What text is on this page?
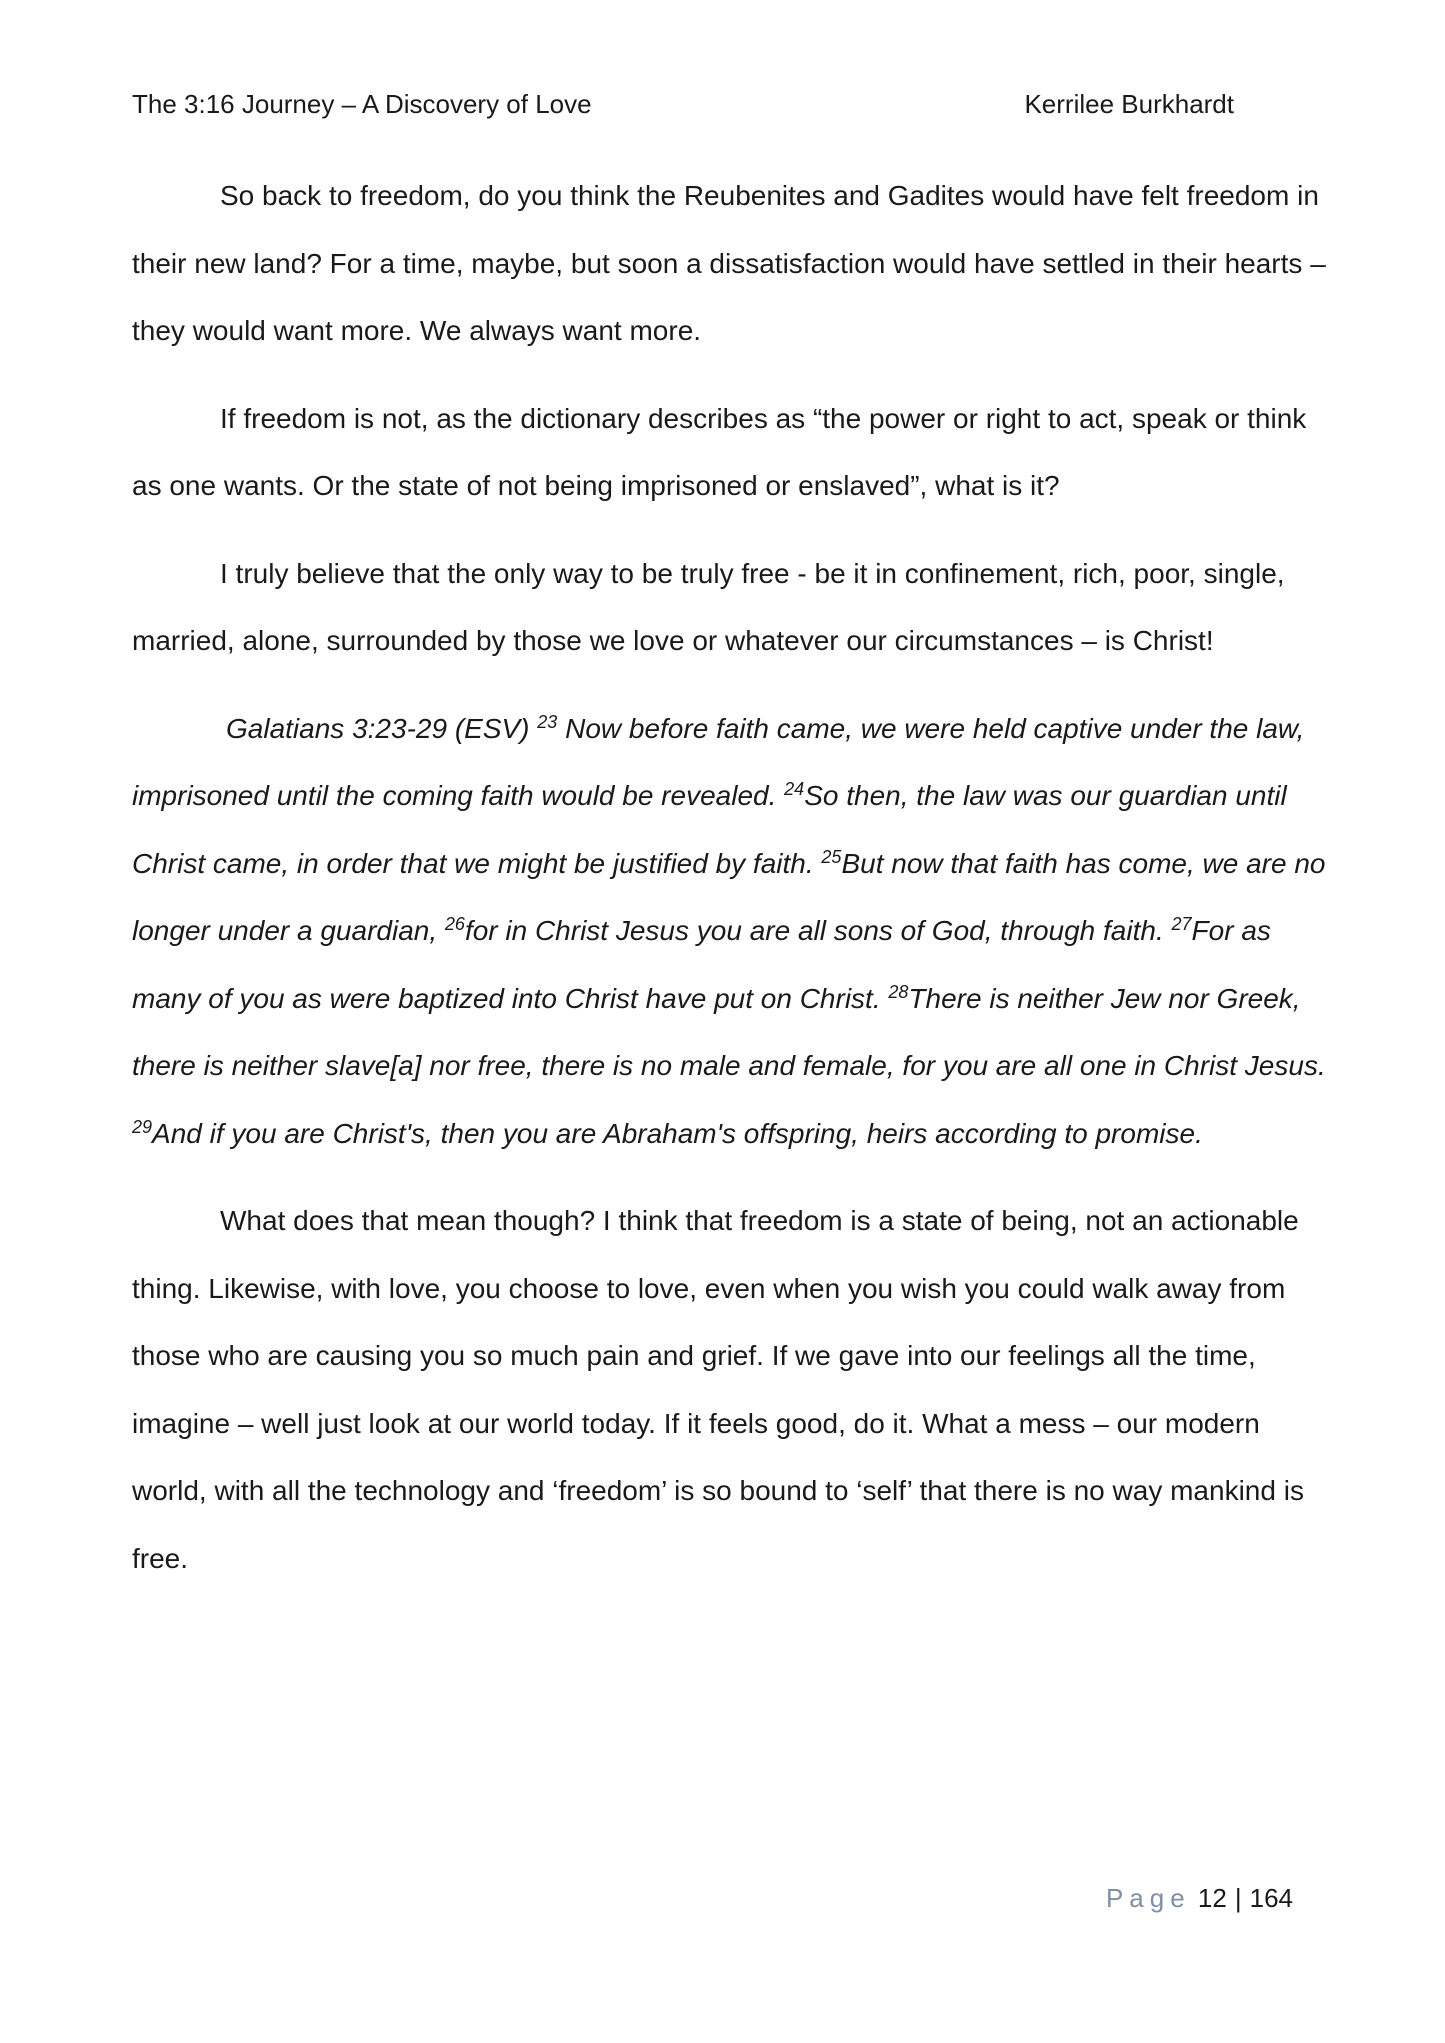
The 3:16 Journey – A Discovery of Love	Kerrilee Burkhardt

So back to freedom, do you think the Reubenites and Gadites would have felt freedom in their new land? For a time, maybe, but soon a dissatisfaction would have settled in their hearts – they would want more. We always want more.

If freedom is not, as the dictionary describes as “the power or right to act, speak or think as one wants. Or the state of not being imprisoned or enslaved”, what is it?

I truly believe that the only way to be truly free - be it in confinement, rich, poor, single, married, alone, surrounded by those we love or whatever our circumstances – is Christ!

Galatians 3:23-29 (ESV) $^{23}$ Now before faith came, we were held captive under the law, imprisoned until the coming faith would be revealed. $^{24}$So then, the law was our guardian until Christ came, in order that we might be justified by faith. $^{25}$But now that faith has come, we are no longer under a guardian, $^{26}$for in Christ Jesus you are all sons of God, through faith. $^{27}$For as many of you as were baptized into Christ have put on Christ. $^{28}$There is neither Jew nor Greek, there is neither slave[a] nor free, there is no male and female, for you are all one in Christ Jesus. $^{29}$And if you are Christ's, then you are Abraham's offspring, heirs according to promise.

What does that mean though? I think that freedom is a state of being, not an actionable thing. Likewise, with love, you choose to love, even when you wish you could walk away from those who are causing you so much pain and grief. If we gave into our feelings all the time, imagine – well just look at our world today. If it feels good, do it. What a mess – our modern world, with all the technology and ‘freedom’ is so bound to ‘self’ that there is no way mankind is free.

Page 12 | 164
